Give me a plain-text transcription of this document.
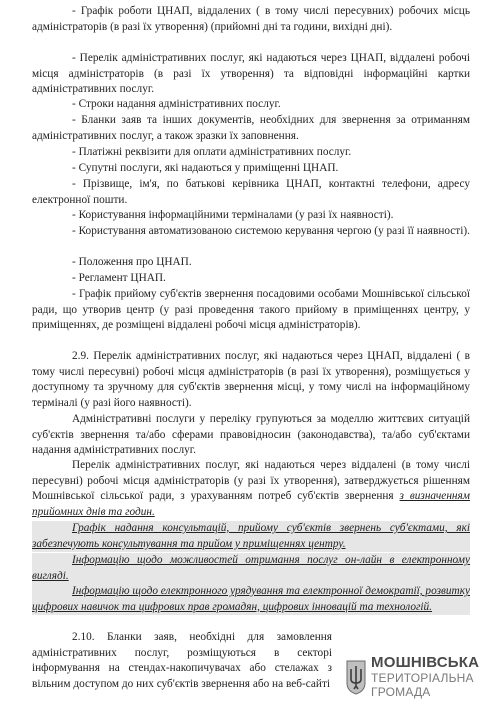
- Графік роботи ЦНАП, віддалених ( в тому числі пересувних) робочих місць адміністраторів (в разі їх утворення) (прийомні дні та години, вихідні дні).

- Перелік адміністративних послуг, які надаються через ЦНАП, віддалені робочі місця адміністраторів (в разі їх утворення) та відповідні інформаційні картки адміністративних послуг.

- Строки надання адміністративних послуг.

- Бланки заяв та інших документів, необхідних для звернення за отриманням адміністративних послуг, а також зразки їх заповнення.

- Платіжні реквізити для оплати адміністративних послуг.

- Супутні послуги, які надаються у приміщенні ЦНАП.

- Прізвище, ім'я, по батькові керівника ЦНАП, контактні телефони, адресу електронної пошти.

- Користування інформаційними терміналами (у разі їх наявності).

- Користування автоматизованою системою керування чергою (у разі її наявності).

- Положення про ЦНАП.

- Регламент ЦНАП.

- Графік прийому суб'єктів звернення посадовими особами Мошнівської сільської ради, що утворив центр (у разі проведення такого прийому в приміщеннях центру, у приміщеннях, де розміщені віддалені робочі місця адміністраторів).

2.9. Перелік адміністративних послуг, які надаються через ЦНАП, віддалені ( в тому числі пересувні) робочі місця адміністраторів (в разі їх утворення), розміщується у доступному та зручному для суб'єктів звернення місці, у тому числі на інформаційному терміналі (у разі його наявності).

Адміністративні послуги у переліку групуються за моделлю життєвих ситуацій суб'єктів звернення та/або сферами правовідносин (законодавства), та/або суб'єктами надання адміністративних послуг.

Перелік адміністративних послуг, які надаються через віддалені (в тому числі пересувні) робочі місця адміністраторів (у разі їх утворення), затверджується рішенням Мошнівської сільської ради, з урахуванням потреб суб'єктів звернення з визначенням прийомних днів та годин.

Графік надання консультацій, прийому суб'єктів звернень суб'єктами, які забезпечують консультування та прийом у приміщеннях центру.

Інформацію щодо можливостей отримання послуг он-лайн в електронному вигляді.

Інформацію щодо електронного урядування та електронної демократії, розвитку цифрових навичок та цифрових прав громадян, цифрових інновацій та технологій.

2.10. Бланки заяв, необхідні для замовлення адміністративних послуг, розміщуються в секторі інформування на стендах-накопичувачах або стелажах з вільним доступом до них суб'єктів звернення або на веб-сайті

МОШНІВСЬКА
ТЕРИТОРІАЛЬНА
ГРОМАДА
